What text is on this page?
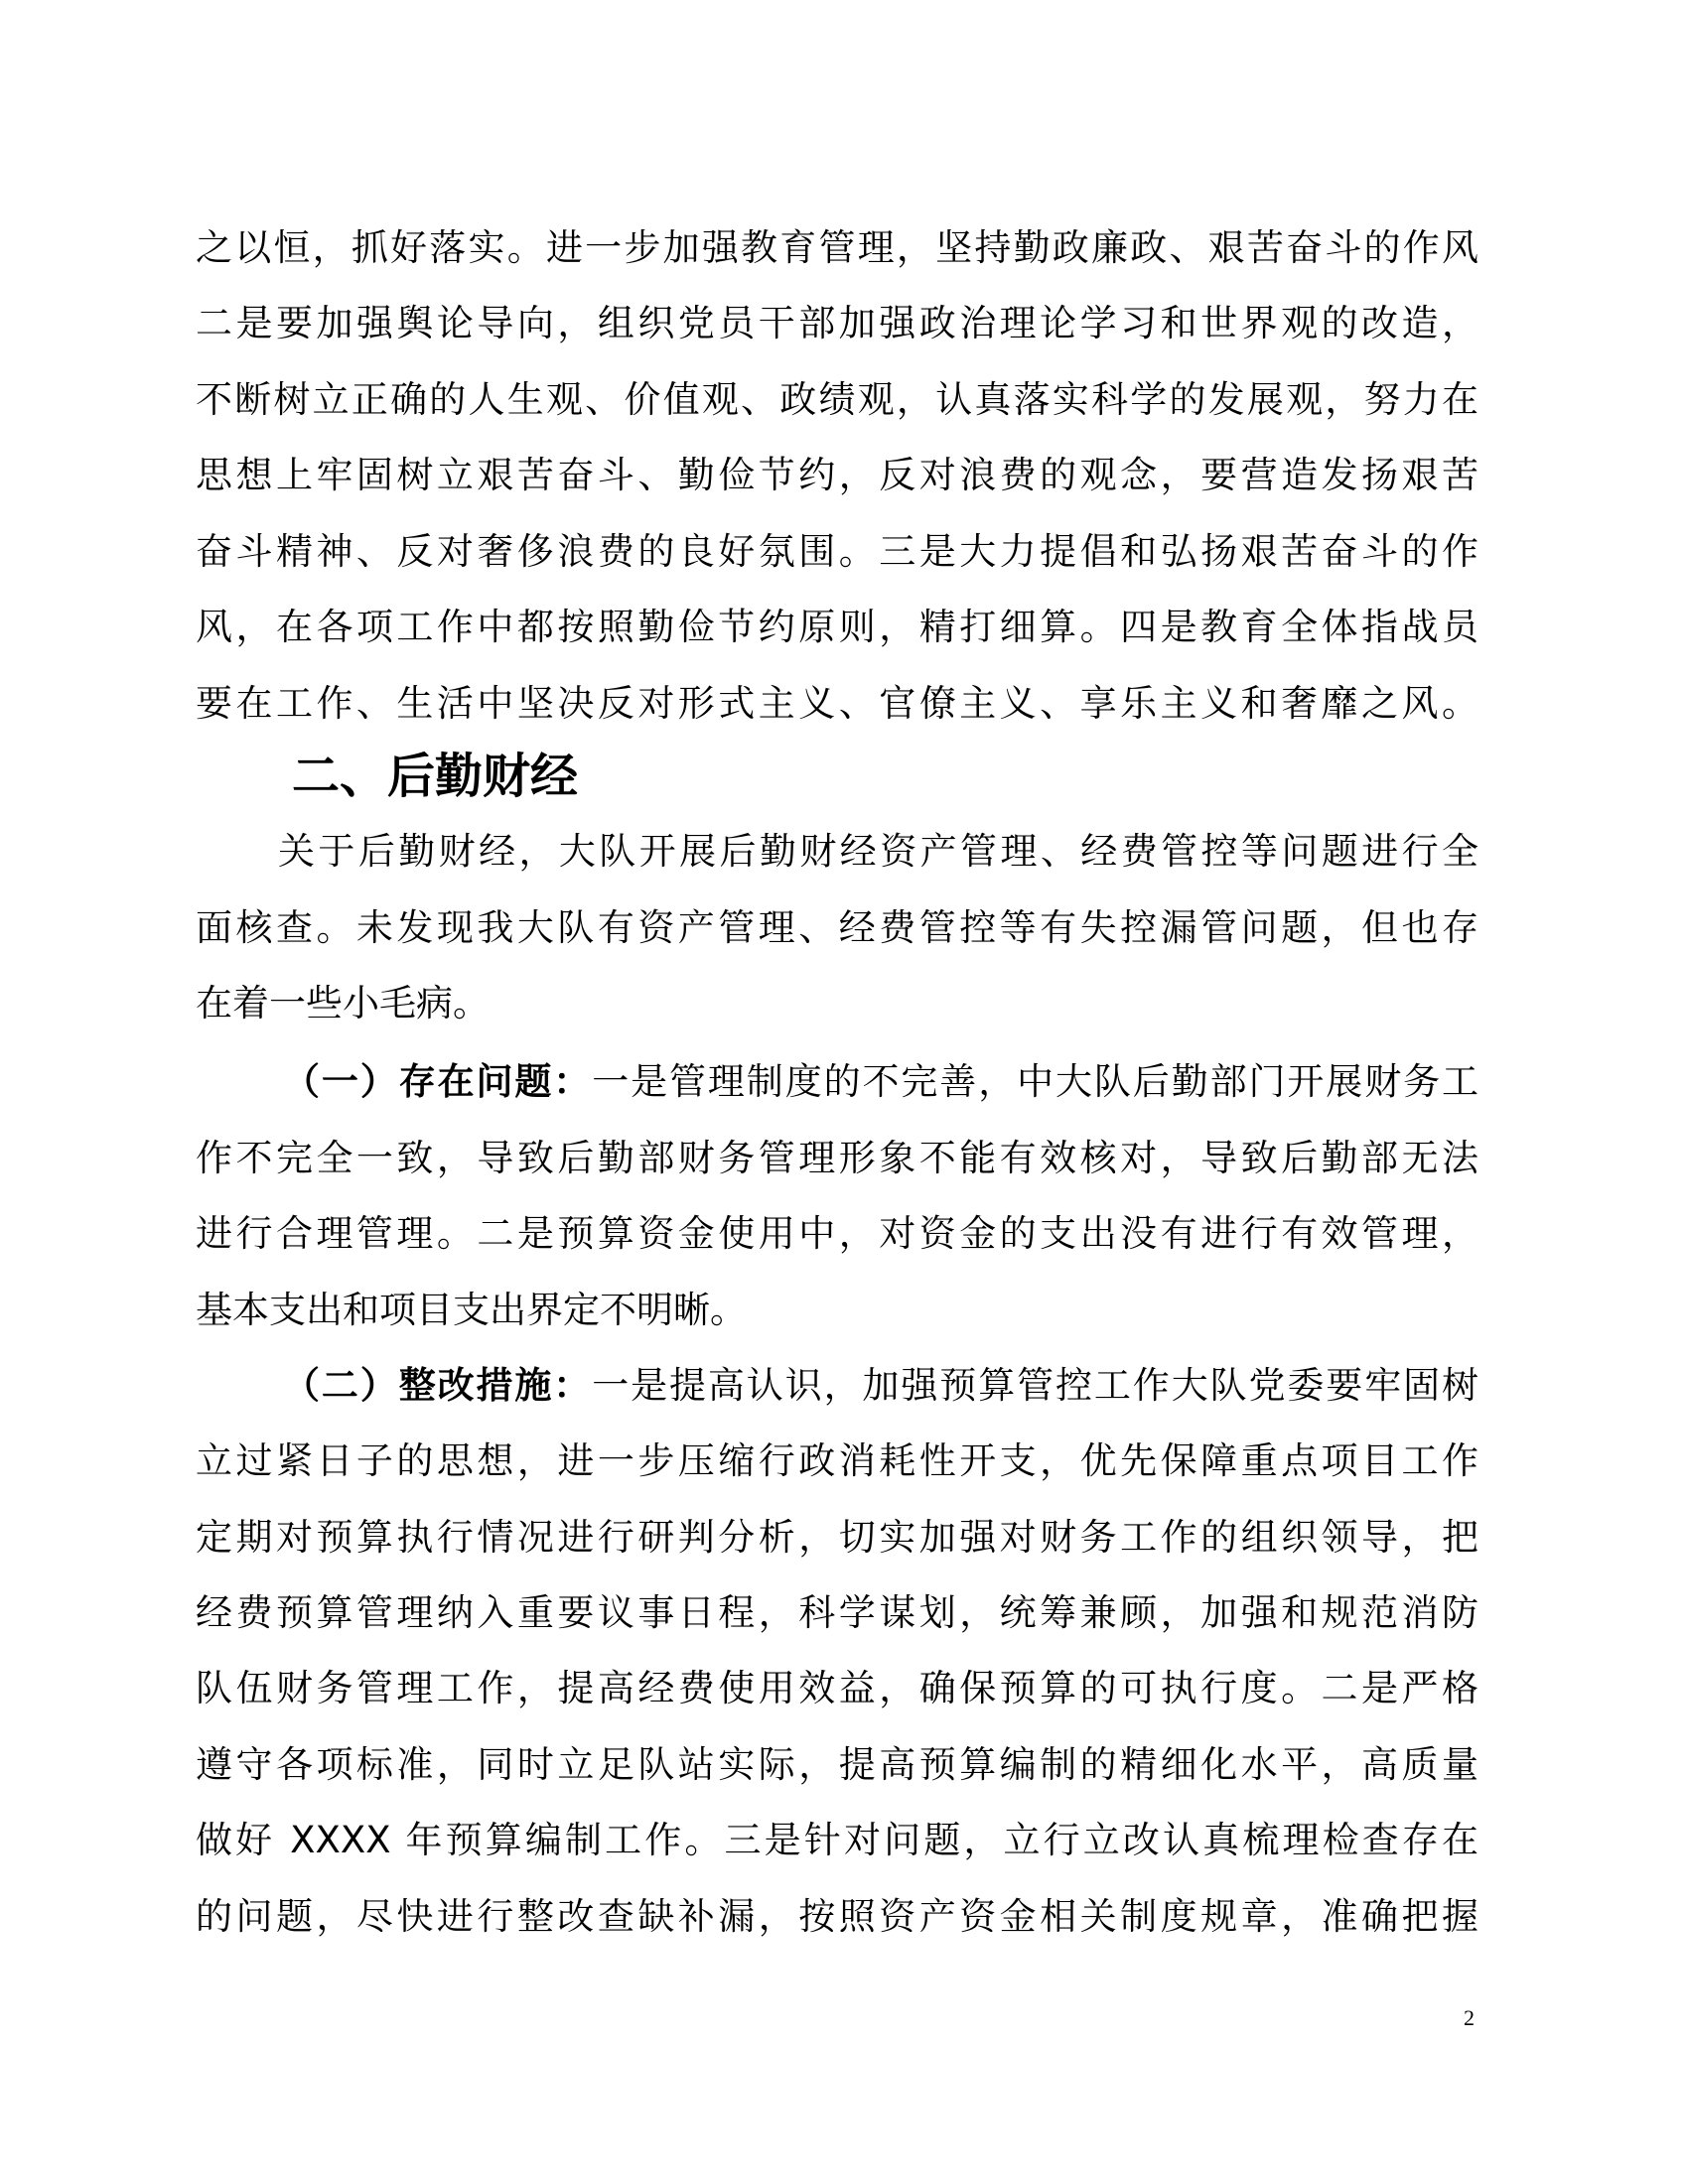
之以恒，抓好落实。进一步加强教育管理，坚持勤政廉政、艰苦奋斗的作风
二是要加强舆论导向，组织党员干部加强政治理论学习和世界观的改造，
不断树立正确的人生观、价值观、政绩观，认真落实科学的发展观，努力在
思想上牢固树立艰苦奋斗、勤俭节约，反对浪费的观念，要营造发扬艰苦
奋斗精神、反对奢侈浪费的良好氛围。三是大力提倡和弘扬艰苦奋斗的作
风，在各项工作中都按照勤俭节约原则，精打细算。四是教育全体指战员
要在工作、生活中坚决反对形式主义、官僚主义、享乐主义和奢靡之风。
二、后勤财经
关于后勤财经，大队开展后勤财经资产管理、经费管控等问题进行全
面核查。未发现我大队有资产管理、经费管控等有失控漏管问题，但也存
在着一些小毛病。
（一）存在问题：一是管理制度的不完善，中大队后勤部门开展财务工
作不完全一致，导致后勤部财务管理形象不能有效核对，导致后勤部无法
进行合理管理。二是预算资金使用中，对资金的支出没有进行有效管理，
基本支出和项目支出界定不明晰。
（二）整改措施：一是提高认识，加强预算管控工作大队党委要牢固树
立过紧日子的思想，进一步压缩行政消耗性开支，优先保障重点项目工作
定期对预算执行情况进行研判分析，切实加强对财务工作的组织领导，把
经费预算管理纳入重要议事日程，科学谋划，统筹兼顾，加强和规范消防
队伍财务管理工作，提高经费使用效益，确保预算的可执行度。二是严格
遵守各项标准，同时立足队站实际，提高预算编制的精细化水平，高质量
做好 XXXX 年预算编制工作。三是针对问题，立行立改认真梳理检查存在
的问题，尽快进行整改查缺补漏，按照资产资金相关制度规章，准确把握
2
